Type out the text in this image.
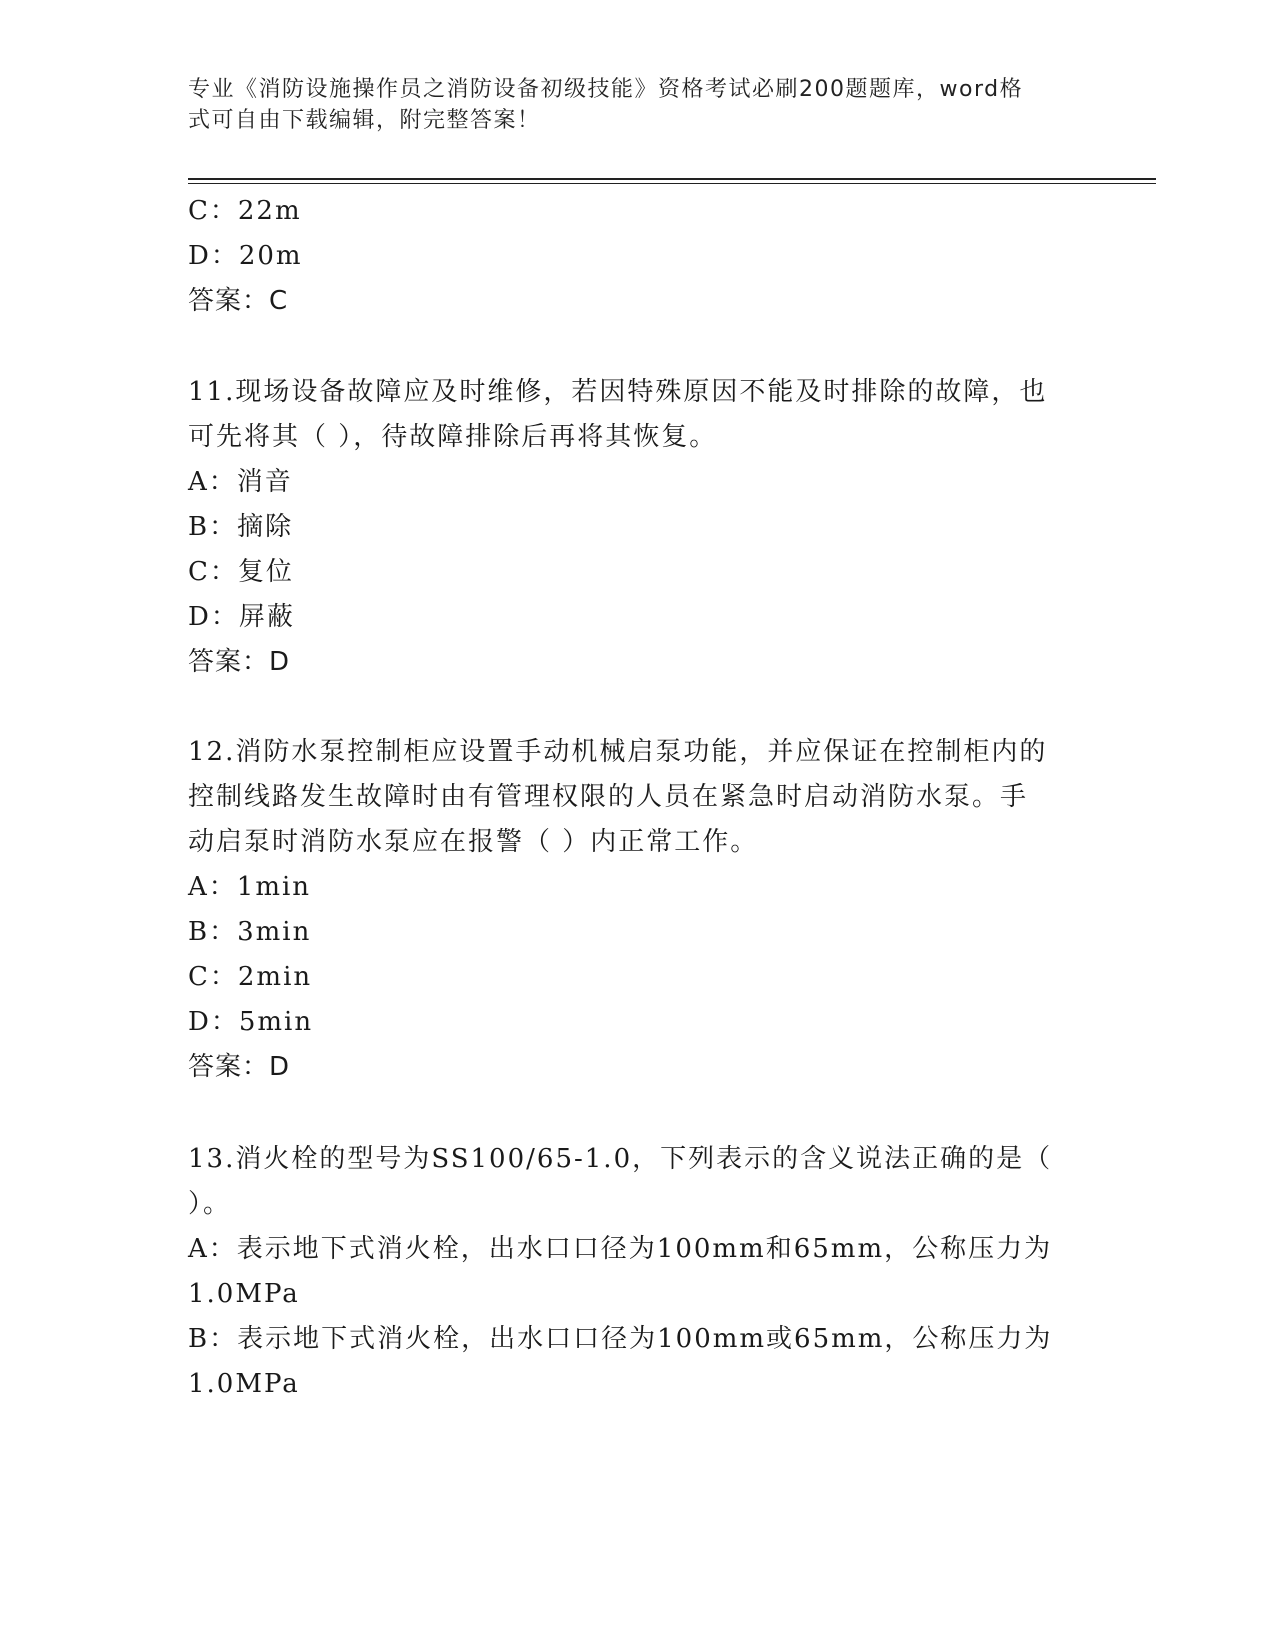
专业《消防设施操作员之消防设备初级技能》资格考试必刷200题题库，word格
式可自由下载编辑，附完整答案！
C：22m
D：20m
答案：C
11.现场设备故障应及时维修，若因特殊原因不能及时排除的故障，也
可先将其（ ），待故障排除后再将其恢复。
A：消音
B：摘除
C：复位
D：屏蔽
答案：D
12.消防水泵控制柜应设置手动机械启泵功能，并应保证在控制柜内的
控制线路发生故障时由有管理权限的人员在紧急时启动消防水泵。手
动启泵时消防水泵应在报警（ ）内正常工作。
A：1min
B：3min
C：2min
D：5min
答案：D
13.消火栓的型号为SS100/65-1.0，下列表示的含义说法正确的是（
）。
A：表示地下式消火栓，出水口口径为100mm和65mm，公称压力为
1.0MPa
B：表示地下式消火栓，出水口口径为100mm或65mm，公称压力为
1.0MPa
